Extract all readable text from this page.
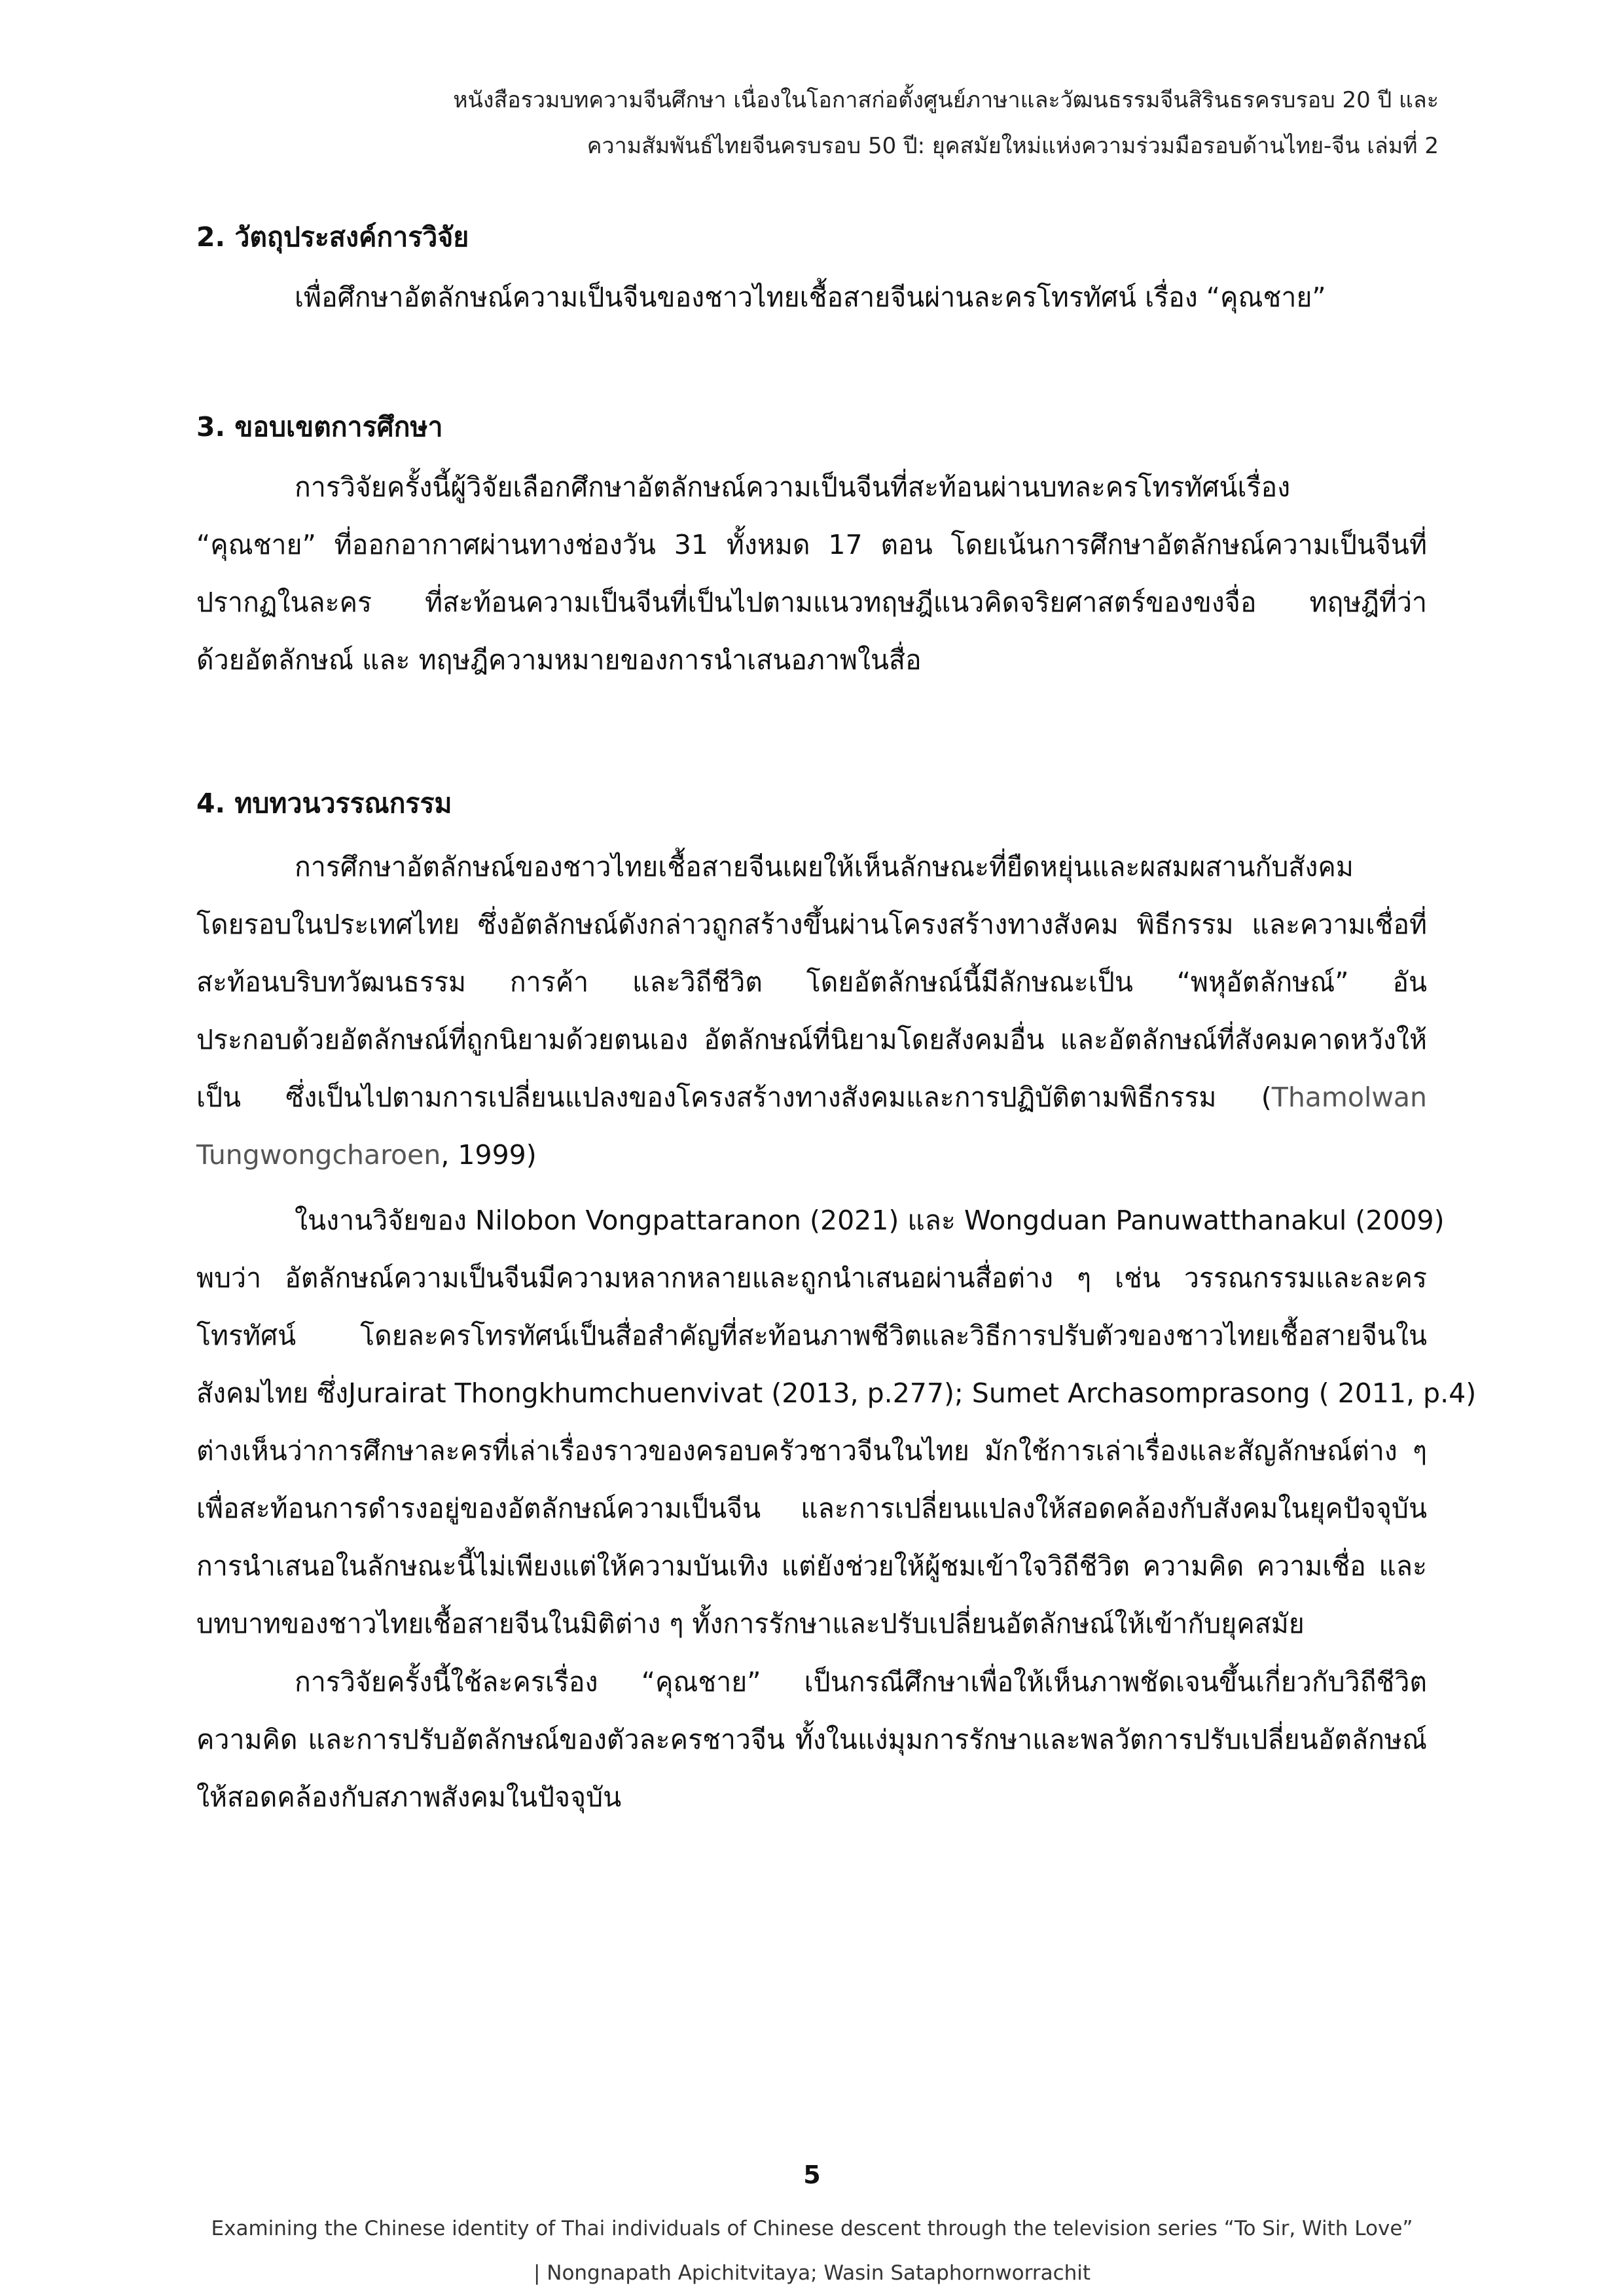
หนังสือรวมบทความจีนศึกษา เนื่องในโอกาสก่อตั้งศูนย์ภาษาและวัฒนธรรมจีนสิรินธรครบรอบ 20 ปี และ
ความสัมพันธ์ไทยจีนครบรอบ 50 ปี: ยุคสมัยใหม่แห่งความร่วมมือรอบด้านไทย-จีน เล่มที่ 2
2. วัตถุประสงค์การวิจัย
เพื่อศึกษาอัตลักษณ์ความเป็นจีนของชาวไทยเชื้อสายจีนผ่านละครโทรทัศน์ เรื่อง “คุณชาย”
3. ขอบเขตการศึกษา
การวิจัยครั้งนี้ผู้วิจัยเลือกศึกษาอัตลักษณ์ความเป็นจีนที่สะท้อนผ่านบทละครโทรทัศน์เรื่อง
“คุณชาย” ที่ออกอากาศผ่านทางช่องวัน 31 ทั้งหมด 17 ตอน โดยเน้นการศึกษาอัตลักษณ์ความเป็นจีนที่
ปรากฏในละคร ที่สะท้อนความเป็นจีนที่เป็นไปตามแนวทฤษฎีแนวคิดจริยศาสตร์ของขงจื่อ ทฤษฎีที่ว่า
ด้วยอัตลักษณ์ และ ทฤษฎีความหมายของการนำเสนอภาพในสื่อ
4. ทบทวนวรรณกรรม
การศึกษาอัตลักษณ์ของชาวไทยเชื้อสายจีนเผยให้เห็นลักษณะที่ยืดหยุ่นและผสมผสานกับสังคม
โดยรอบในประเทศไทย ซึ่งอัตลักษณ์ดังกล่าวถูกสร้างขึ้นผ่านโครงสร้างทางสังคม พิธีกรรม และความเชื่อที่
สะท้อนบริบทวัฒนธรรม การค้า และวิถีชีวิต โดยอัตลักษณ์นี้มีลักษณะเป็น “พหุอัตลักษณ์” อัน
ประกอบด้วยอัตลักษณ์ที่ถูกนิยามด้วยตนเอง อัตลักษณ์ที่นิยามโดยสังคมอื่น และอัตลักษณ์ที่สังคมคาดหวังให้
เป็น ซึ่งเป็นไปตามการเปลี่ยนแปลงของโครงสร้างทางสังคมและการปฏิบัติตามพิธีกรรม (Thamolwan
Tungwongcharoen, 1999)
ในงานวิจัยของ Nilobon Vongpattaranon (2021) และ Wongduan Panuwatthanakul (2009)
พบว่า อัตลักษณ์ความเป็นจีนมีความหลากหลายและถูกนำเสนอผ่านสื่อต่าง ๆ เช่น วรรณกรรมและละคร
โทรทัศน์ โดยละครโทรทัศน์เป็นสื่อสำคัญที่สะท้อนภาพชีวิตและวิธีการปรับตัวของชาวไทยเชื้อสายจีนใน
สังคมไทย ซึ่งJurairat Thongkhumchuenvivat (2013, p.277); Sumet Archasomprasong ( 2011, p.4)
ต่างเห็นว่าการศึกษาละครที่เล่าเรื่องราวของครอบครัวชาวจีนในไทย มักใช้การเล่าเรื่องและสัญลักษณ์ต่าง ๆ
เพื่อสะท้อนการดำรงอยู่ของอัตลักษณ์ความเป็นจีน และการเปลี่ยนแปลงให้สอดคล้องกับสังคมในยุคปัจจุบัน
การนำเสนอในลักษณะนี้ไม่เพียงแต่ให้ความบันเทิง แต่ยังช่วยให้ผู้ชมเข้าใจวิถีชีวิต ความคิด ความเชื่อ และ
บทบาทของชาวไทยเชื้อสายจีนในมิติต่าง ๆ ทั้งการรักษาและปรับเปลี่ยนอัตลักษณ์ให้เข้ากับยุคสมัย
การวิจัยครั้งนี้ใช้ละครเรื่อง “คุณชาย” เป็นกรณีศึกษาเพื่อให้เห็นภาพชัดเจนขึ้นเกี่ยวกับวิถีชีวิต
ความคิด และการปรับอัตลักษณ์ของตัวละครชาวจีน ทั้งในแง่มุมการรักษาและพลวัตการปรับเปลี่ยนอัตลักษณ์
ให้สอดคล้องกับสภาพสังคมในปัจจุบัน
5
Examining the Chinese identity of Thai individuals of Chinese descent through the television series “To Sir, With Love”
| Nongnapath Apichitvitaya; Wasin Sataphornworrachit
